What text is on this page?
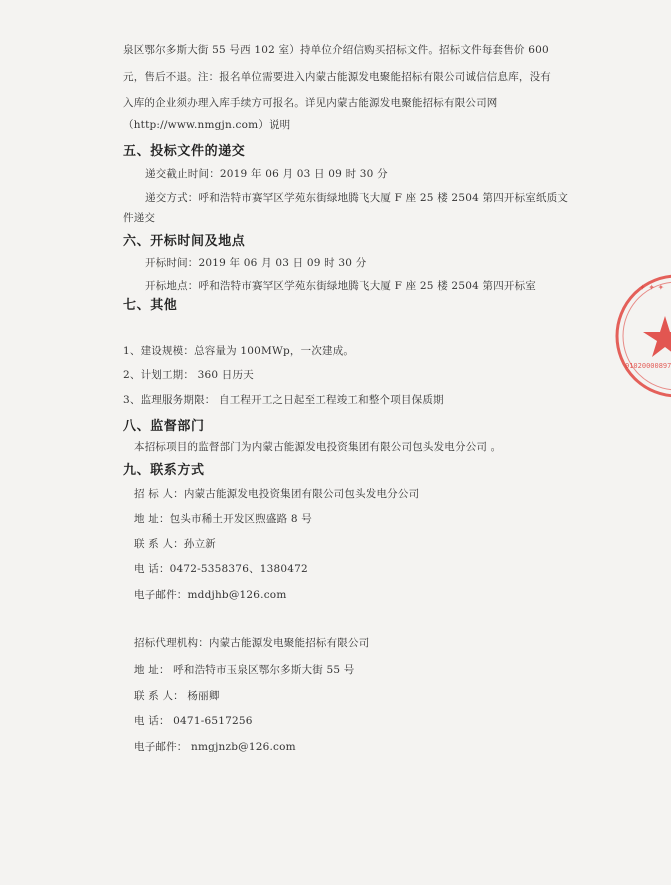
泉区鄂尔多斯大街 55 号西 102 室）持单位介绍信购买招标文件。招标文件每套售价 600
元，售后不退。注：报名单位需要进入内蒙古能源发电聚能招标有限公司诚信信息库，没有
入库的企业须办理入库手续方可报名。详见内蒙古能源发电聚能招标有限公司网
（http://www.nmgjn.com）说明
五、投标文件的递交
递交截止时间：2019 年 06 月 03 日 09 时 30 分
递交方式：呼和浩特市赛罕区学苑东街绿地腾飞大厦 F 座 25 楼 2504 第四开标室纸质文
件递交
六、开标时间及地点
开标时间：2019 年 06 月 03 日 09 时 30 分
开标地点：呼和浩特市赛罕区学苑东街绿地腾飞大厦 F 座 25 楼 2504 第四开标室
七、其他
1、建设规模：总容量为 100MWp，一次建成。
2、计划工期： 360 日历天
3、监理服务期限： 自工程开工之日起至工程竣工和整个项目保质期
八、监督部门
本招标项目的监督部门为内蒙古能源发电投资集团有限公司包头发电分公司 。
九、联系方式
招 标 人：内蒙古能源发电投资集团有限公司包头发电分公司
地 址：包头市稀土开发区煦盛路 8 号
联 系 人：孙立新
电 话：0472-5358376、1380472
电子邮件：mddjhb@126.com
招标代理机构：内蒙古能源发电聚能招标有限公司
地 址： 呼和浩特市玉泉区鄂尔多斯大街 55 号
联 系 人： 杨丽卿
电 话： 0471-6517256
电子邮件： nmgjnzb@126.com
✦ ✦ ✦
01020000897
